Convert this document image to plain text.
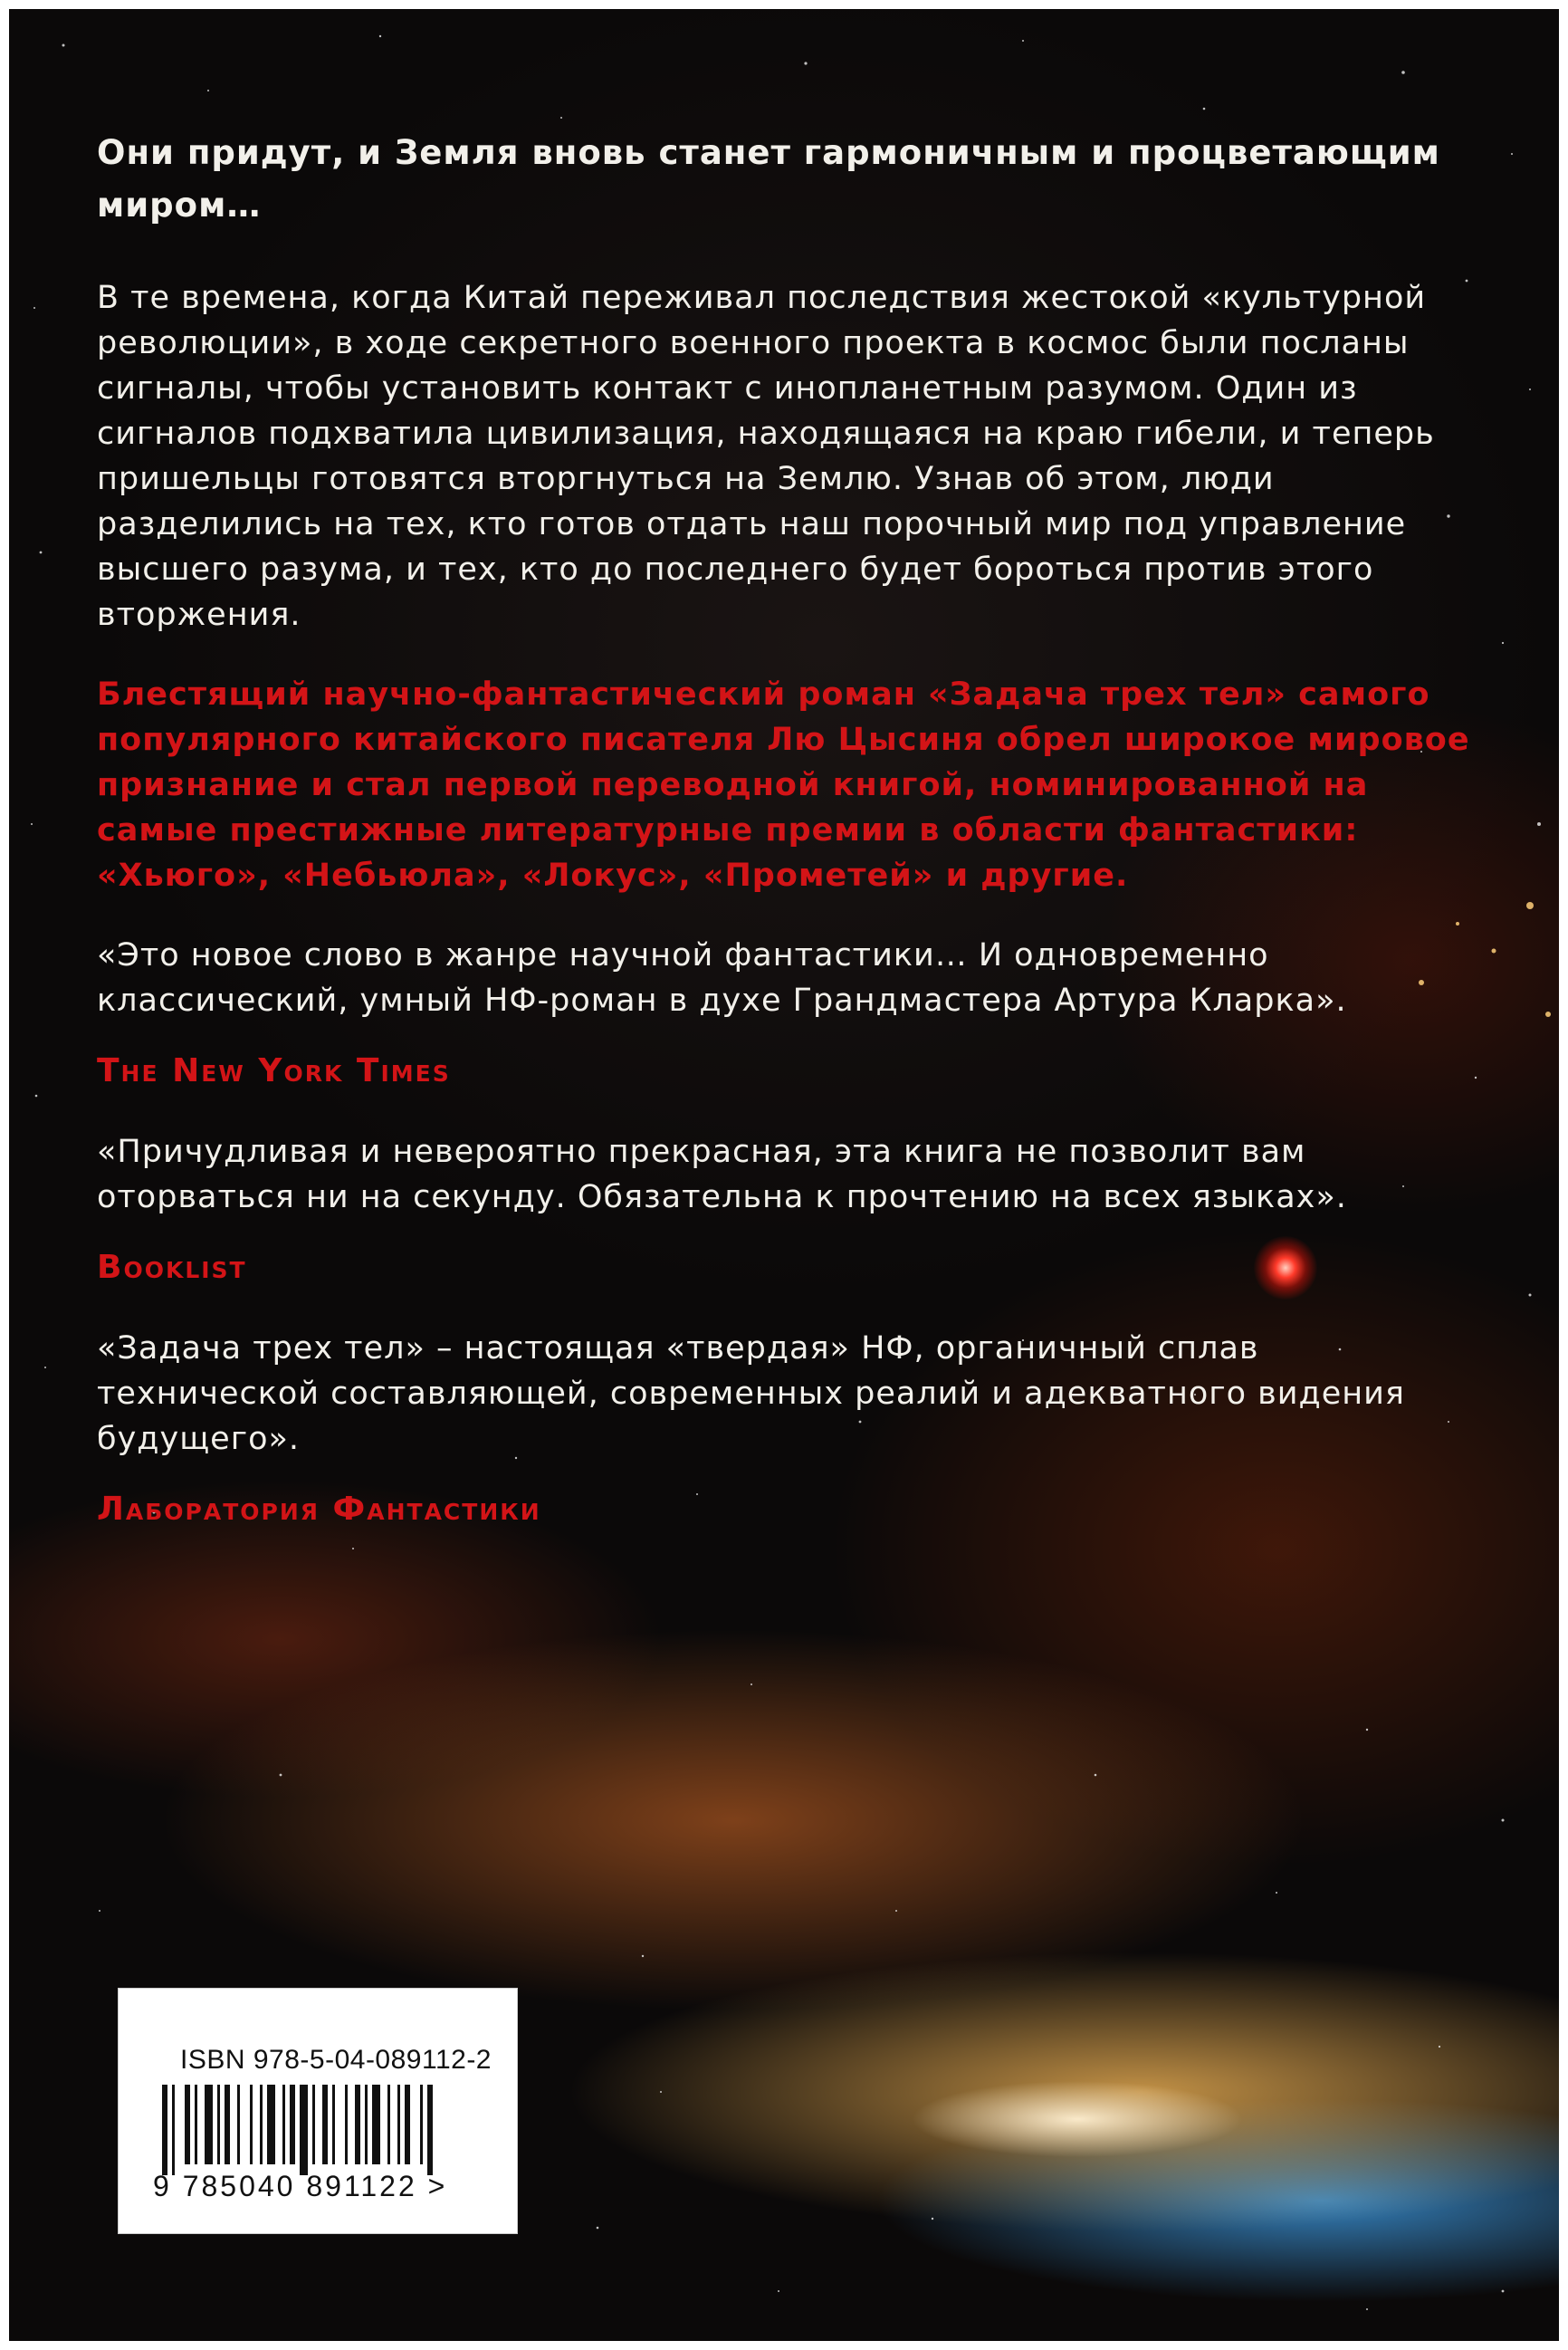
Они придут, и Земля вновь станет гармоничным и процветающим миром…

В те времена, когда Китай переживал последствия жестокой «культурной революции», в ходе секретного военного проекта в космос были посланы сигналы, чтобы установить контакт с инопланетным разумом. Один из сигналов подхватила цивилизация, находящаяся на краю гибели, и теперь пришельцы готовятся вторгнуться на Землю. Узнав об этом, люди разделились на тех, кто готов отдать наш порочный мир под управление высшего разума, и тех, кто до последнего будет бороться против этого вторжения.

Блестящий научно-фантастический роман «Задача трех тел» самого популярного китайского писателя Лю Цысиня обрел широкое мировое признание и стал первой переводной книгой, номинированной на самые престижные литературные премии в области фантастики: «Хьюго», «Небьюла», «Локус», «Прометей» и другие.

«Это новое слово в жанре научной фантастики… И одновременно классический, умный НФ-роман в духе Грандмастера Артура Кларка».

The New York Times

«Причудливая и невероятно прекрасная, эта книга не позволит вам оторваться ни на секунду. Обязательна к прочтению на всех языках».

Booklist

«Задача трех тел» – настоящая «твердая» НФ, органичный сплав технической составляющей, современных реалий и адекватного видения будущего».

Лаборатория Фантастики
ISBN 978-5-04-089112-2
9 785040 891122 >
